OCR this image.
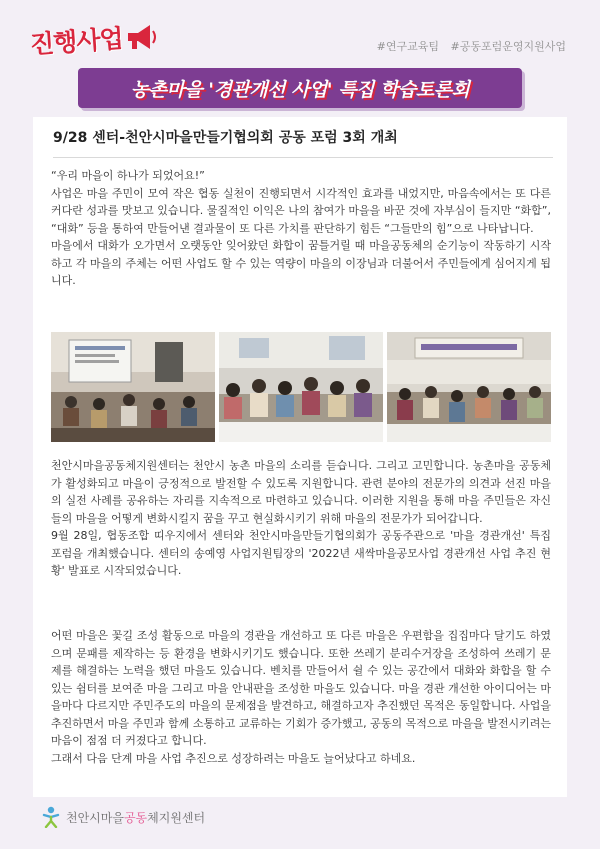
진행사업	#연구교육팀 #공동포럼운영지원사업
농촌마을 '경관개선 사업' 특집 학습토론회
9/28 센터-천안시마을만들기협의회 공동 포럼 3회 개최

“우리 마을이 하나가 되었어요!”

사업은 마을 주민이 모여 작은 협동 실천이 진행되면서 시각적인 효과를 내었지만, 마음속에서는 또 다른 커다란 성과를 맛보고 있습니다. 물질적인 이익은 나의 참여가 마을을 바꾼 것에 자부심이 들지만 “화합”, “대화” 등을 통하여 만들어낸 결과물이 또 다른 가치를 판단하기 힘든 “그들만의 힘”으로 나타납니다.

마을에서 대화가 오가면서 오랫동안 잊어왔던 화합이 꿈틀거릴 때 마을공동체의 순기능이 작동하기 시작하고 각 마을의 주체는 어떤 사업도 할 수 있는 역량이 마을의 이장님과 더불어서 주민들에게 심어지게 됩니다.

천안시마을공동체지원센터는 천안시 농촌 마을의 소리를 듣습니다. 그리고 고민합니다. 농촌마을 공동체가 활성화되고 마을이 긍정적으로 발전할 수 있도록 지원합니다. 관련 분야의 전문가의 의견과 선진 마을의 실전 사례를 공유하는 자리를 지속적으로 마련하고 있습니다. 이러한 지원을 통해 마을 주민들은 자신들의 마을을 어떻게 변화시킬지 꿈을 꾸고 현실화시키기 위해 마을의 전문가가 되어갑니다.

9월 28일, 협동조합 띠우지에서 센터와 천안시마을만들기협의회가 공동주관으로 '마을 경관개선' 특집 포럼을 개최했습니다. 센터의 송예영 사업지원팀장의 '2022년 새싹마을공모사업 경관개선 사업 추진 현황' 발표로 시작되었습니다.

어떤 마을은 꽃길 조성 활동으로 마을의 경관을 개선하고 또 다른 마을은 우편함을 집집마다 달기도 하였으며 문패를 제작하는 등 환경을 변화시키기도 했습니다. 또한 쓰레기 분리수거장을 조성하여 쓰레기 문제를 해결하는 노력을 했던 마을도 있습니다. 벤치를 만들어서 쉴 수 있는 공간에서 대화와 화합을 할 수 있는 쉼터를 보여준 마을 그리고 마을 안내판을 조성한 마을도 있습니다. 마을 경관 개선한 아이디어는 마을마다 다르지만 주민주도의 마을의 문제점을 발견하고, 해결하고자 추진했던 목적은 동일합니다. 사업을 추진하면서 마을 주민과 함께 소통하고 교류하는 기회가 증가했고, 공동의 목적으로 마을을 발전시키려는 마음이 점점 더 커졌다고 합니다.

그래서 다음 단계 마을 사업 추진으로 성장하려는 마을도 늘어났다고 하네요.

천안시마을공동체지원센터
